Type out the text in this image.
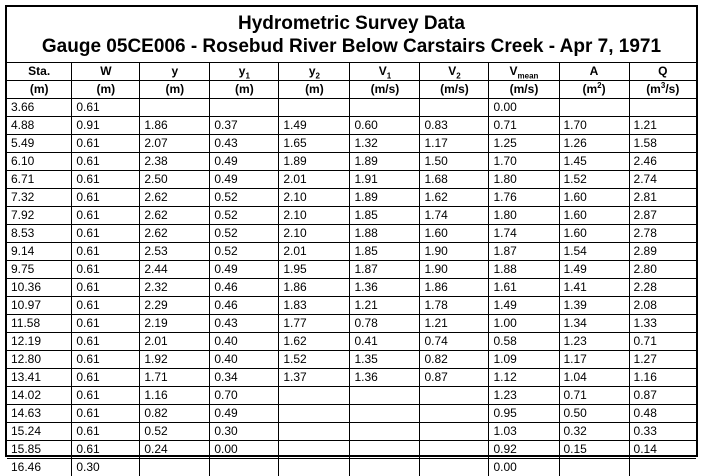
Hydrometric Survey Data
Gauge 05CE006 - Rosebud River Below Carstairs Creek - Apr 7, 1971
Sta.	W	y	$y_1$	$y_2$	$V_1$	$V_2$	$V_{mean}$	A	Q
(m)	(m)	(m)	(m)	(m)	(m/s)	(m/s)	(m/s)	$(m^2)$	$(m^3/s)$
3.66	0.61						0.00		
4.88	0.91	1.86	0.37	1.49	0.60	0.83	0.71	1.70	1.21
5.49	0.61	2.07	0.43	1.65	1.32	1.17	1.25	1.26	1.58
6.10	0.61	2.38	0.49	1.89	1.89	1.50	1.70	1.45	2.46
6.71	0.61	2.50	0.49	2.01	1.91	1.68	1.80	1.52	2.74
7.32	0.61	2.62	0.52	2.10	1.89	1.62	1.76	1.60	2.81
7.92	0.61	2.62	0.52	2.10	1.85	1.74	1.80	1.60	2.87
8.53	0.61	2.62	0.52	2.10	1.88	1.60	1.74	1.60	2.78
9.14	0.61	2.53	0.52	2.01	1.85	1.90	1.87	1.54	2.89
9.75	0.61	2.44	0.49	1.95	1.87	1.90	1.88	1.49	2.80
10.36	0.61	2.32	0.46	1.86	1.36	1.86	1.61	1.41	2.28
10.97	0.61	2.29	0.46	1.83	1.21	1.78	1.49	1.39	2.08
11.58	0.61	2.19	0.43	1.77	0.78	1.21	1.00	1.34	1.33
12.19	0.61	2.01	0.40	1.62	0.41	0.74	0.58	1.23	0.71
12.80	0.61	1.92	0.40	1.52	1.35	0.82	1.09	1.17	1.27
13.41	0.61	1.71	0.34	1.37	1.36	0.87	1.12	1.04	1.16
14.02	0.61	1.16	0.70				1.23	0.71	0.87
14.63	0.61	0.82	0.49				0.95	0.50	0.48
15.24	0.61	0.52	0.30				1.03	0.32	0.33
15.85	0.61	0.24	0.00				0.92	0.15	0.14
16.46	0.30						0.00		
